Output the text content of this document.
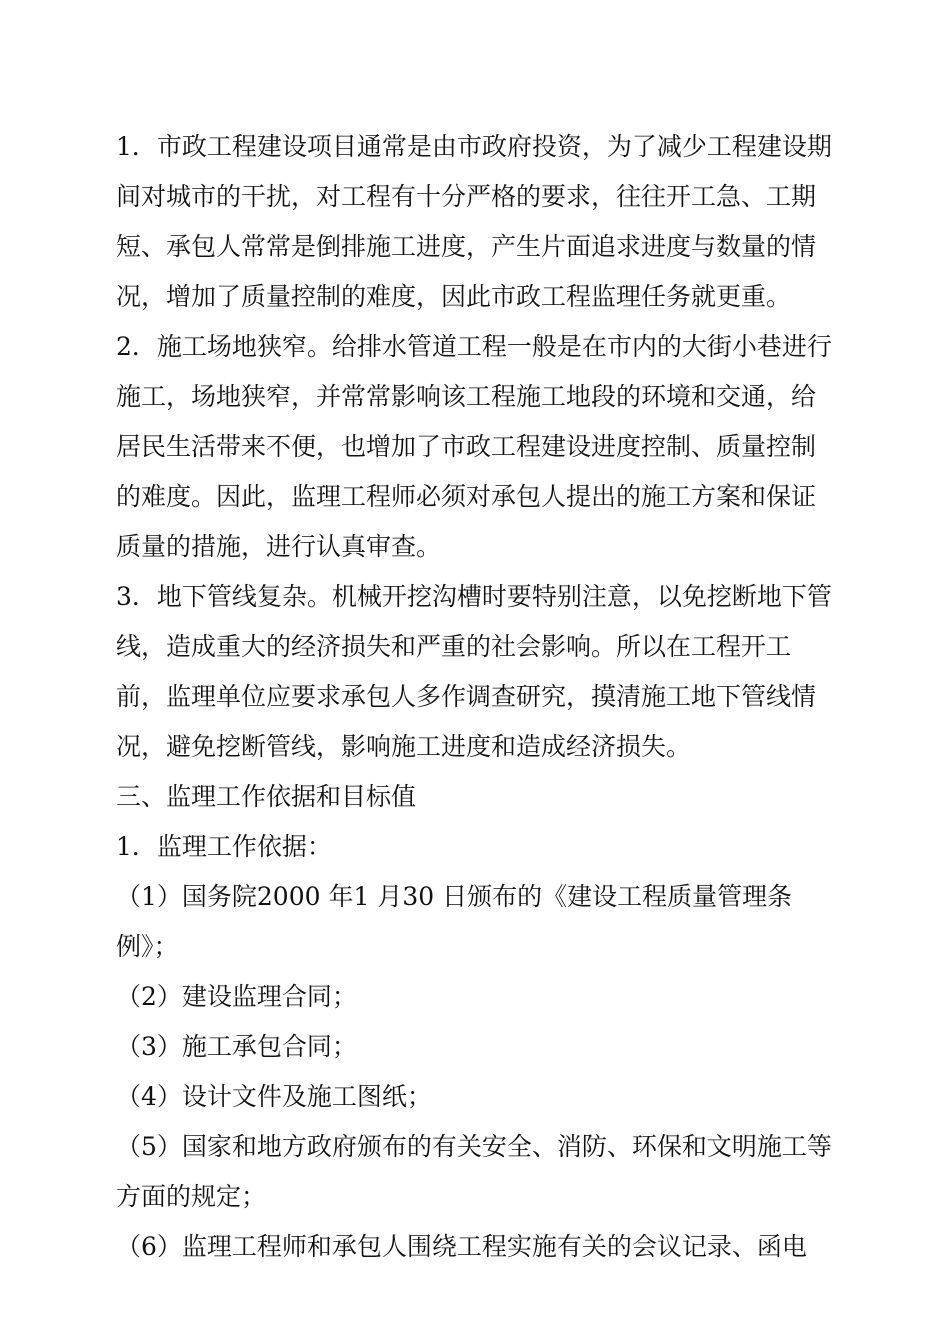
1．市政工程建设项目通常是由市政府投资，为了减少工程建设期间对城市的干扰，对工程有十分严格的要求，往往开工急、工期短、承包人常常是倒排施工进度，产生片面追求进度与数量的情况，增加了质量控制的难度，因此市政工程监理任务就更重。

2．施工场地狭窄。给排水管道工程一般是在市内的大街小巷进行施工，场地狭窄，并常常影响该工程施工地段的环境和交通，给居民生活带来不便，也增加了市政工程建设进度控制、质量控制的难度。因此，监理工程师必须对承包人提出的施工方案和保证质量的措施，进行认真审查。

3．地下管线复杂。机械开挖沟槽时要特别注意，以免挖断地下管线，造成重大的经济损失和严重的社会影响。所以在工程开工前，监理单位应要求承包人多作调查研究，摸清施工地下管线情况，避免挖断管线，影响施工进度和造成经济损失。

三、监理工作依据和目标值

1．监理工作依据：

（1）国务院2000 年1 月30 日颁布的《建设工程质量管理条例》；

（2）建设监理合同；

（3）施工承包合同；

（4）设计文件及施工图纸；

（5）国家和地方政府颁布的有关安全、消防、环保和文明施工等方面的规定；

（6）监理工程师和承包人围绕工程实施有关的会议记录、函电
